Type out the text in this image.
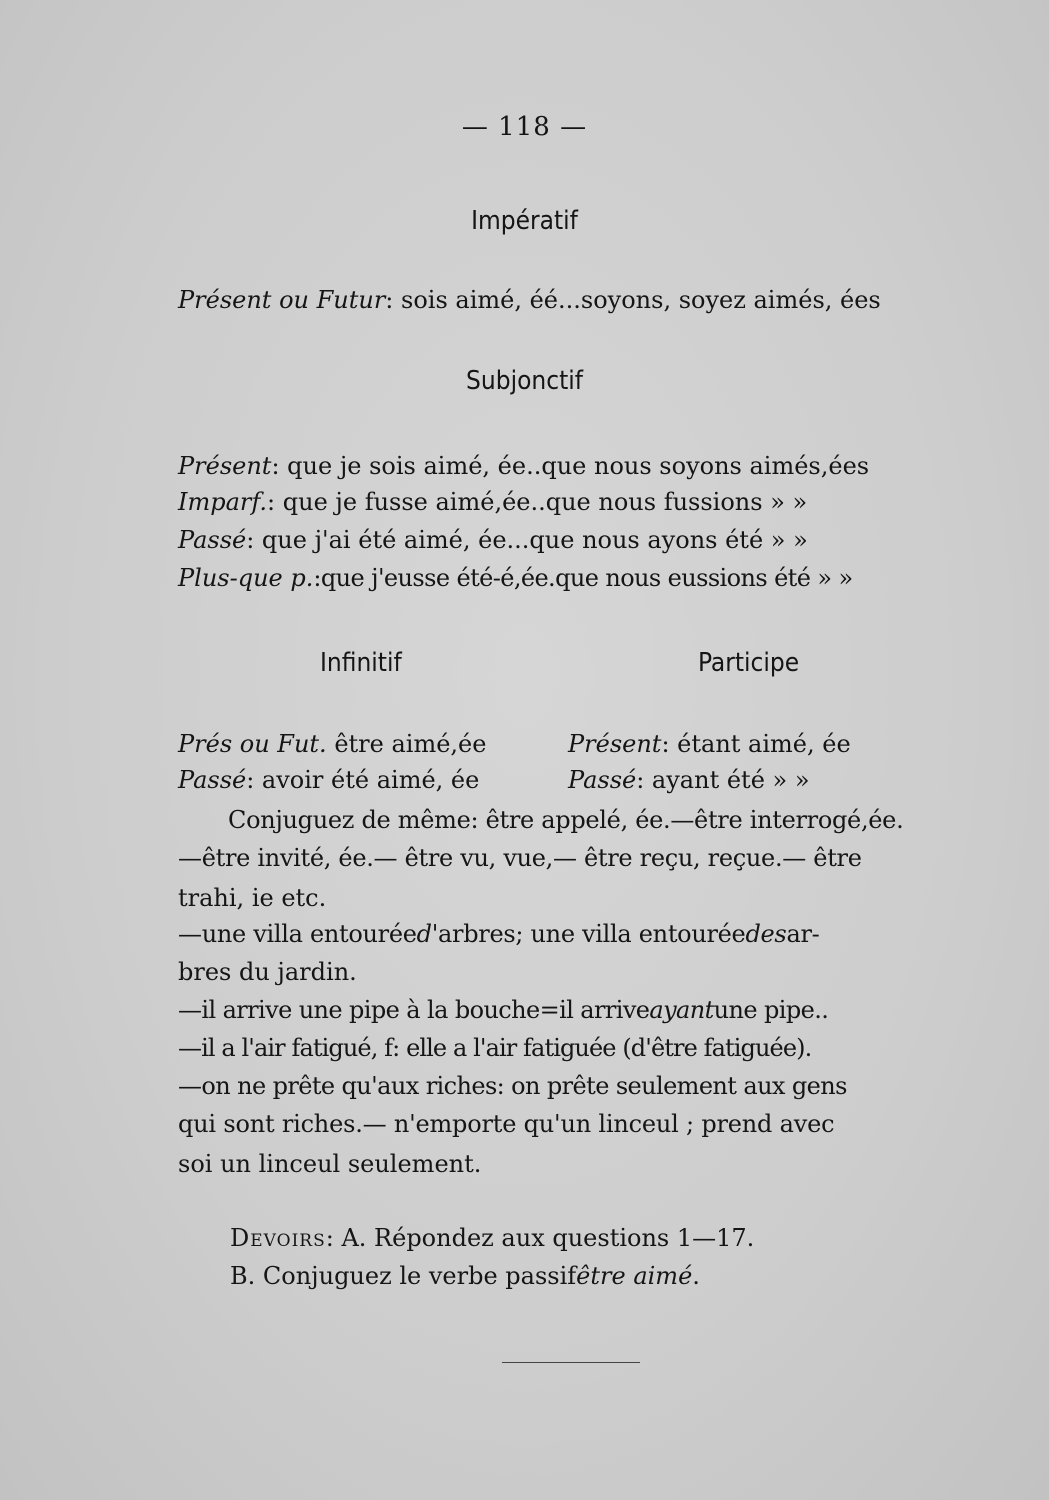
— 118 —
Impératif
Présent ou Futur : sois aimé, éé...soyons, soyez aimés, ées
Subjonctif
Présent : que je sois aimé, ée..que nous soyons aimés,ées
Imparf. : que je fusse aimé,ée..que nous fussions » »
Passé : que j'ai été aimé, ée...que nous ayons été » »
Plus-que p. :que j'eusse été-é,ée.que nous eussions été » »
Infinitif	Participe
Prés ou Fut. être aimé,ée
Passé: avoir été aimé, ée
Présent: étant aimé, ée
Passé: ayant été » »
Conjuguez de même: être appelé, ée.—être interrogé,ée.
—être invité, ée.— être vu, vue,— être reçu, reçue.— être
trahi, ie etc.
—une villa entourée d' arbres; une villa entourée des ar-
bres du jardin.
—il arrive une pipe à la bouche=il arrive ayant une pipe..
—il a l'air fatigué, f: elle a l'air fatiguée (d'être fatiguée).
—on ne prête qu'aux riches: on prête seulement aux gens
qui sont riches.— n'emporte qu'un linceul ; prend avec
soi un linceul seulement.
Devoirs : A. Répondez aux questions 1—17.
B. Conjuguez le verbe passif être aimé .
